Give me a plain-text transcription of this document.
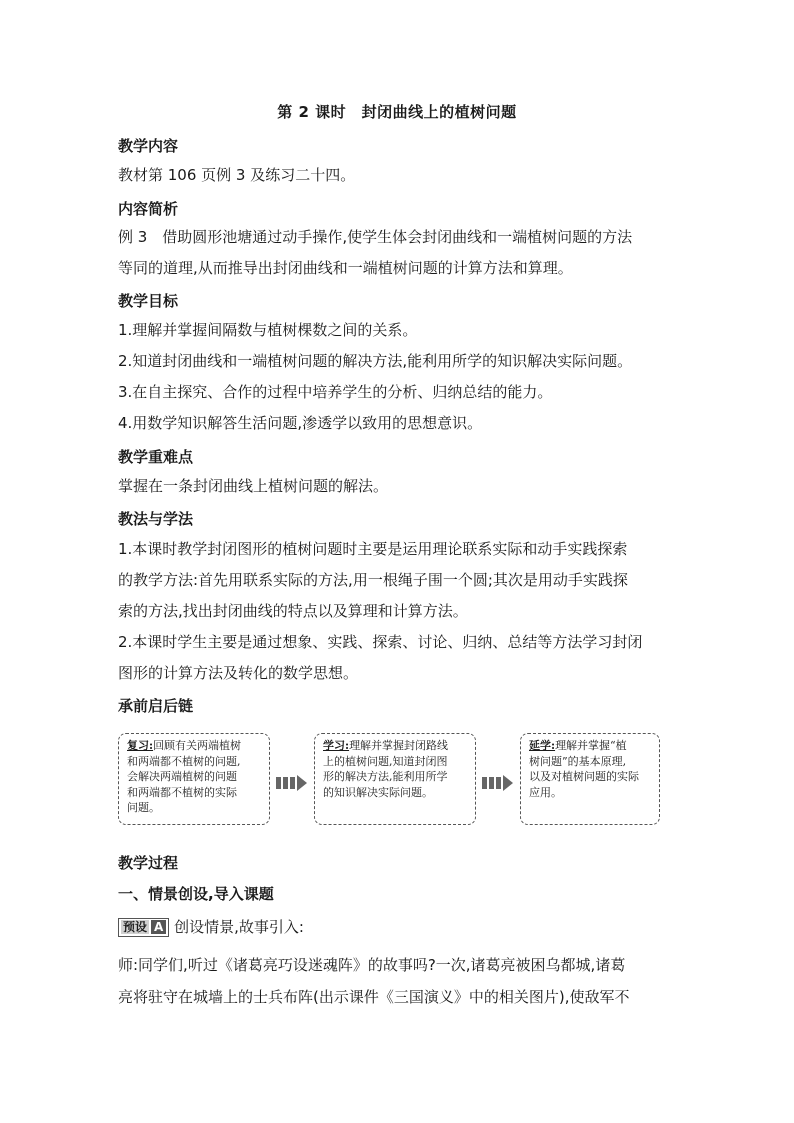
第 2 课时　封闭曲线上的植树问题
教学内容
教材第 106 页例 3 及练习二十四。
内容简析
例 3　借助圆形池塘通过动手操作,使学生体会封闭曲线和一端植树问题的方法
等同的道理,从而推导出封闭曲线和一端植树问题的计算方法和算理。
教学目标
1.理解并掌握间隔数与植树棵数之间的关系。
2.知道封闭曲线和一端植树问题的解决方法,能利用所学的知识解决实际问题。
3.在自主探究、合作的过程中培养学生的分析、归纳总结的能力。
4.用数学知识解答生活问题,渗透学以致用的思想意识。
教学重难点
掌握在一条封闭曲线上植树问题的解法。
教法与学法
1.本课时教学封闭图形的植树问题时主要是运用理论联系实际和动手实践探索
的教学方法:首先用联系实际的方法,用一根绳子围一个圆;其次是用动手实践探
索的方法,找出封闭曲线的特点以及算理和计算方法。
2.本课时学生主要是通过想象、实践、探索、讨论、归纳、总结等方法学习封闭
图形的计算方法及转化的数学思想。
承前启后链
复习:回顾有关两端植树
和两端都不植树的问题,
会解决两端植树的问题
和两端都不植树的实际
问题。
学习:理解并掌握封闭路线
上的植树问题,知道封闭图
形的解决方法,能利用所学
的知识解决实际问题。
延学:理解并掌握“植
树问题”的基本原理,
以及对植树问题的实际
应用。
教学过程
一、情景创设,导入课题
预设 A 创设情景,故事引入:
师:同学们,听过《诸葛亮巧设迷魂阵》的故事吗?一次,诸葛亮被困乌都城,诸葛
亮将驻守在城墙上的士兵布阵(出示课件《三国演义》中的相关图片),使敌军不
